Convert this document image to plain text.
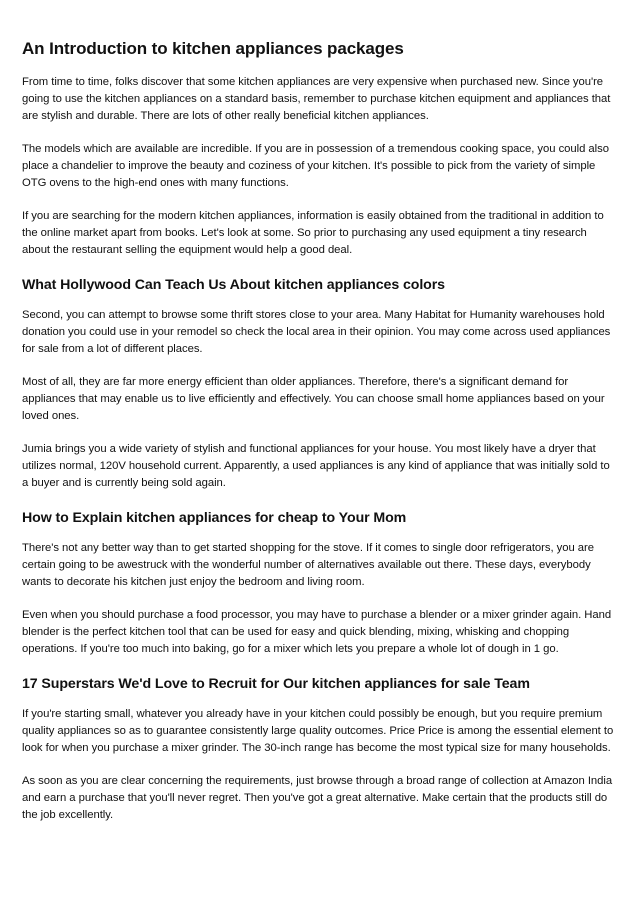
An Introduction to kitchen appliances packages

From time to time, folks discover that some kitchen appliances are very expensive when purchased new. Since you're going to use the kitchen appliances on a standard basis, remember to purchase kitchen equipment and appliances that are stylish and durable. There are lots of other really beneficial kitchen appliances.

The models which are available are incredible. If you are in possession of a tremendous cooking space, you could also place a chandelier to improve the beauty and coziness of your kitchen. It's possible to pick from the variety of simple OTG ovens to the high-end ones with many functions.

If you are searching for the modern kitchen appliances, information is easily obtained from the traditional in addition to the online market apart from books. Let's look at some. So prior to purchasing any used equipment a tiny research about the restaurant selling the equipment would help a good deal.

What Hollywood Can Teach Us About kitchen appliances colors

Second, you can attempt to browse some thrift stores close to your area. Many Habitat for Humanity warehouses hold donation you could use in your remodel so check the local area in their opinion. You may come across used appliances for sale from a lot of different places.

Most of all, they are far more energy efficient than older appliances. Therefore, there's a significant demand for appliances that may enable us to live efficiently and effectively. You can choose small home appliances based on your loved ones.

Jumia brings you a wide variety of stylish and functional appliances for your house. You most likely have a dryer that utilizes normal, 120V household current. Apparently, a used appliances is any kind of appliance that was initially sold to a buyer and is currently being sold again.

How to Explain kitchen appliances for cheap to Your Mom

There's not any better way than to get started shopping for the stove. If it comes to single door refrigerators, you are certain going to be awestruck with the wonderful number of alternatives available out there. These days, everybody wants to decorate his kitchen just enjoy the bedroom and living room.

Even when you should purchase a food processor, you may have to purchase a blender or a mixer grinder again. Hand blender is the perfect kitchen tool that can be used for easy and quick blending, mixing, whisking and chopping operations. If you're too much into baking, go for a mixer which lets you prepare a whole lot of dough in 1 go.

17 Superstars We'd Love to Recruit for Our kitchen appliances for sale Team

If you're starting small, whatever you already have in your kitchen could possibly be enough, but you require premium quality appliances so as to guarantee consistently large quality outcomes. Price Price is among the essential element to look for when you purchase a mixer grinder. The 30-inch range has become the most typical size for many households.

As soon as you are clear concerning the requirements, just browse through a broad range of collection at Amazon India and earn a purchase that you'll never regret. Then you've got a great alternative. Make certain that the products still do the job excellently.
